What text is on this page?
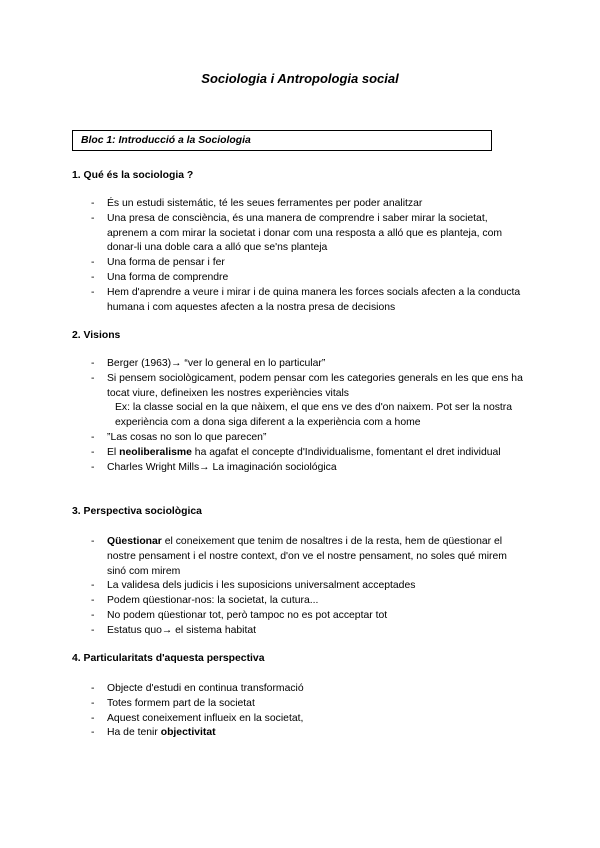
Sociologia i Antropologia social
Bloc 1: Introducció a la Sociologia

1. Qué és la sociologia ?

- És un estudi sistemátic, té les seues ferramentes per poder analitzar
- Una presa de consciència, és una manera de comprendre i saber mirar la societat, aprenem a com mirar la societat i donar com una resposta a alló que es planteja, com donar-li una doble cara a alló que se'ns planteja
- Una forma de pensar i fer
- Una forma de comprendre
- Hem d'aprendre a veure i mirar i de quina manera les forces socials afecten a la conducta humana i com aquestes afecten a la nostra presa de decisions

2. Visions

- Berger (1963)→ “ver lo general en lo particular”
- Si pensem sociològicament, podem pensar com les categories generals en les que ens ha tocat viure, defineixen les nostres experiències vitals
Ex: la classe social en la que nàixem, el que ens ve des d'on naixem. Pot ser la nostra experiència com a dona siga diferent a la experiència com a home
- ”Las cosas no son lo que parecen”
- El neoliberalisme ha agafat el concepte d'Individualisme, fomentant el dret individual
- Charles Wright Mills→ La imaginación sociológica

3. Perspectiva sociològica

- Qüestionar el coneixement que tenim de nosaltres i de la resta, hem de qüestionar el nostre pensament i el nostre context, d'on ve el nostre pensament, no soles qué mirem sinó com mirem
- La validesa dels judicis i les suposicions universalment acceptades
- Podem qüestionar-nos: la societat, la cutura...
- No podem qüestionar tot, però tampoc no es pot acceptar tot
- Estatus quo→ el sistema habitat

4. Particularitats d'aquesta perspectiva

- Objecte d'estudi en continua transformació
- Totes formem part de la societat
- Aquest coneixement influeix en la societat,
- Ha de tenir objectivitat
